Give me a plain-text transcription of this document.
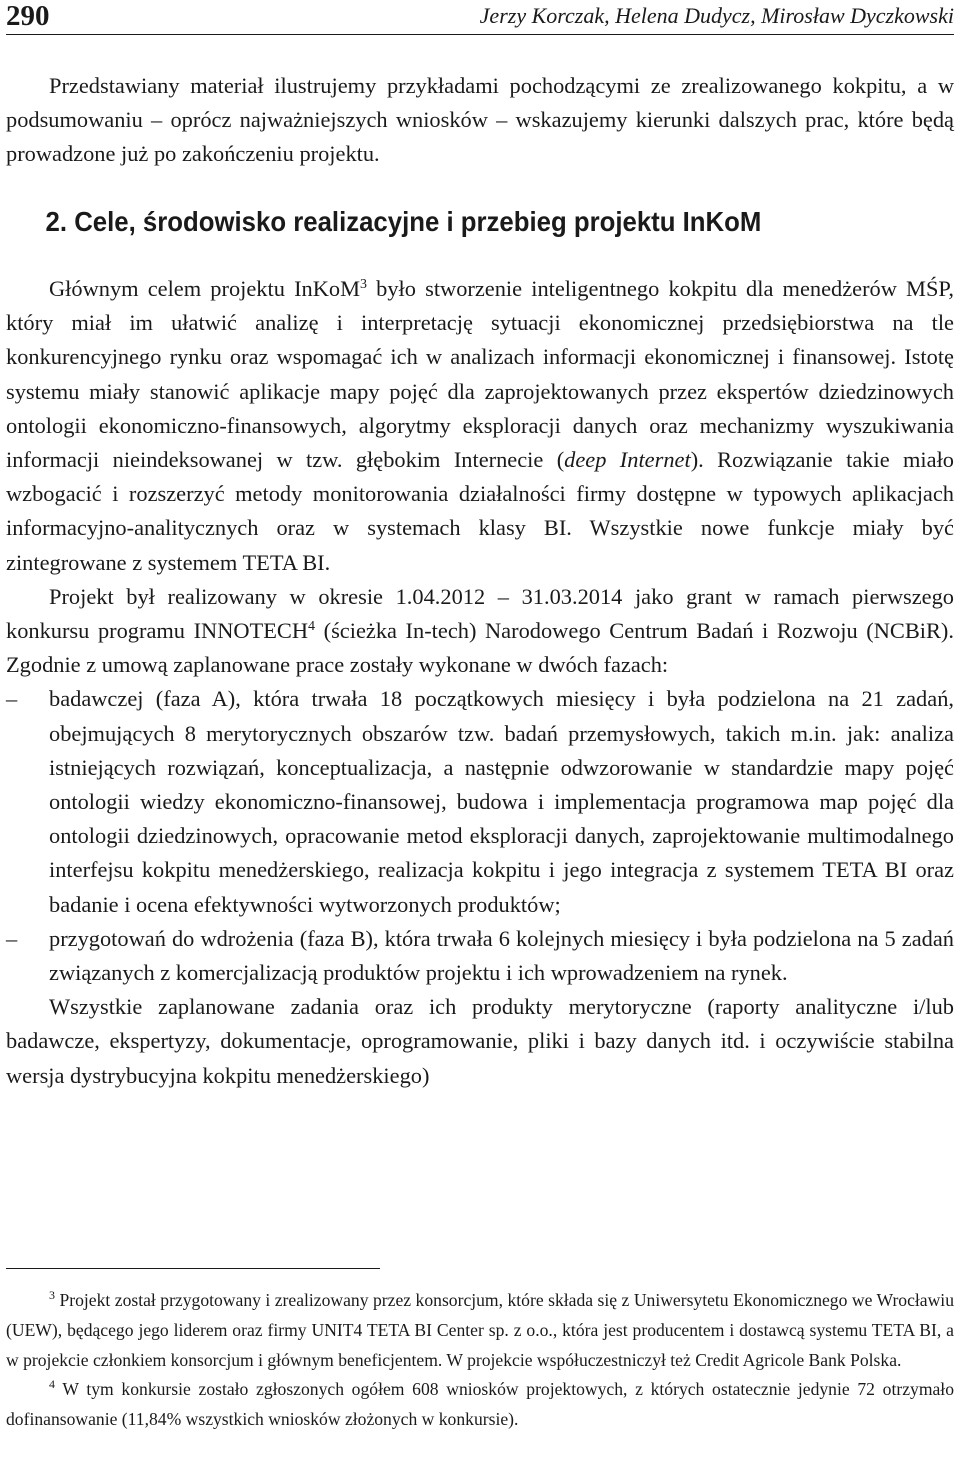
290	Jerzy Korczak, Helena Dudycz, Mirosław Dyczkowski

Przedstawiany materiał ilustrujemy przykładami pochodzącymi ze zrealizowanego kokpitu, a w podsumowaniu – oprócz najważniejszych wniosków – wskazujemy kierunki dalszych prac, które będą prowadzone już po zakończeniu projektu.

2. Cele, środowisko realizacyjne i przebieg projektu InKoM

Głównym celem projektu InKoM$^3$ było stworzenie inteligentnego kokpitu dla menedżerów MŚP, który miał im ułatwić analizę i interpretację sytuacji ekonomicznej przedsiębiorstwa na tle konkurencyjnego rynku oraz wspomagać ich w analizach informacji ekonomicznej i finansowej. Istotę systemu miały stanowić aplikacje mapy pojęć dla zaprojektowanych przez ekspertów dziedzinowych ontologii ekonomiczno-finansowych, algorytmy eksploracji danych oraz mechanizmy wyszukiwania informacji nieindeksowanej w tzw. głębokim Internecie (deep Internet). Rozwiązanie takie miało wzbogacić i rozszerzyć metody monitorowania działalności firmy dostępne w typowych aplikacjach informacyjno-analitycznych oraz w systemach klasy BI. Wszystkie nowe funkcje miały być zintegrowane z systemem TETA BI.

Projekt był realizowany w okresie 1.04.2012 – 31.03.2014 jako grant w ramach pierwszego konkursu programu INNOTECH$^4$ (ścieżka In-tech) Narodowego Centrum Badań i Rozwoju (NCBiR). Zgodnie z umową zaplanowane prace zostały wykonane w dwóch fazach:

– badawczej (faza A), która trwała 18 początkowych miesięcy i była podzielona na 21 zadań, obejmujących 8 merytorycznych obszarów tzw. badań przemysłowych, takich m.in. jak: analiza istniejących rozwiązań, konceptualizacja, a następnie odwzorowanie w standardzie mapy pojęć ontologii wiedzy ekonomiczno-finansowej, budowa i implementacja programowa map pojęć dla ontologii dziedzinowych, opracowanie metod eksploracji danych, zaprojektowanie multimodalnego interfejsu kokpitu menedżerskiego, realizacja kokpitu i jego integracja z systemem TETA BI oraz badanie i ocena efektywności wytworzonych produktów;
– przygotowań do wdrożenia (faza B), która trwała 6 kolejnych miesięcy i była podzielona na 5 zadań związanych z komercjalizacją produktów projektu i ich wprowadzeniem na rynek.

Wszystkie zaplanowane zadania oraz ich produkty merytoryczne (raporty analityczne i/lub badawcze, ekspertyzy, dokumentacje, oprogramowanie, pliki i bazy danych itd. i oczywiście stabilna wersja dystrybucyjna kokpitu menedżerskiego)

$^3$ Projekt został przygotowany i zrealizowany przez konsorcjum, które składa się z Uniwersytetu Ekonomicznego we Wrocławiu (UEW), będącego jego liderem oraz firmy UNIT4 TETA BI Center sp. z o.o., która jest producentem i dostawcą systemu TETA BI, a w projekcie członkiem konsorcjum i głównym beneficjentem. W projekcie współuczestniczył też Credit Agricole Bank Polska.

$^4$ W tym konkursie zostało zgłoszonych ogółem 608 wniosków projektowych, z których ostatecznie jedynie 72 otrzymało dofinansowanie (11,84% wszystkich wniosków złożonych w konkursie).
